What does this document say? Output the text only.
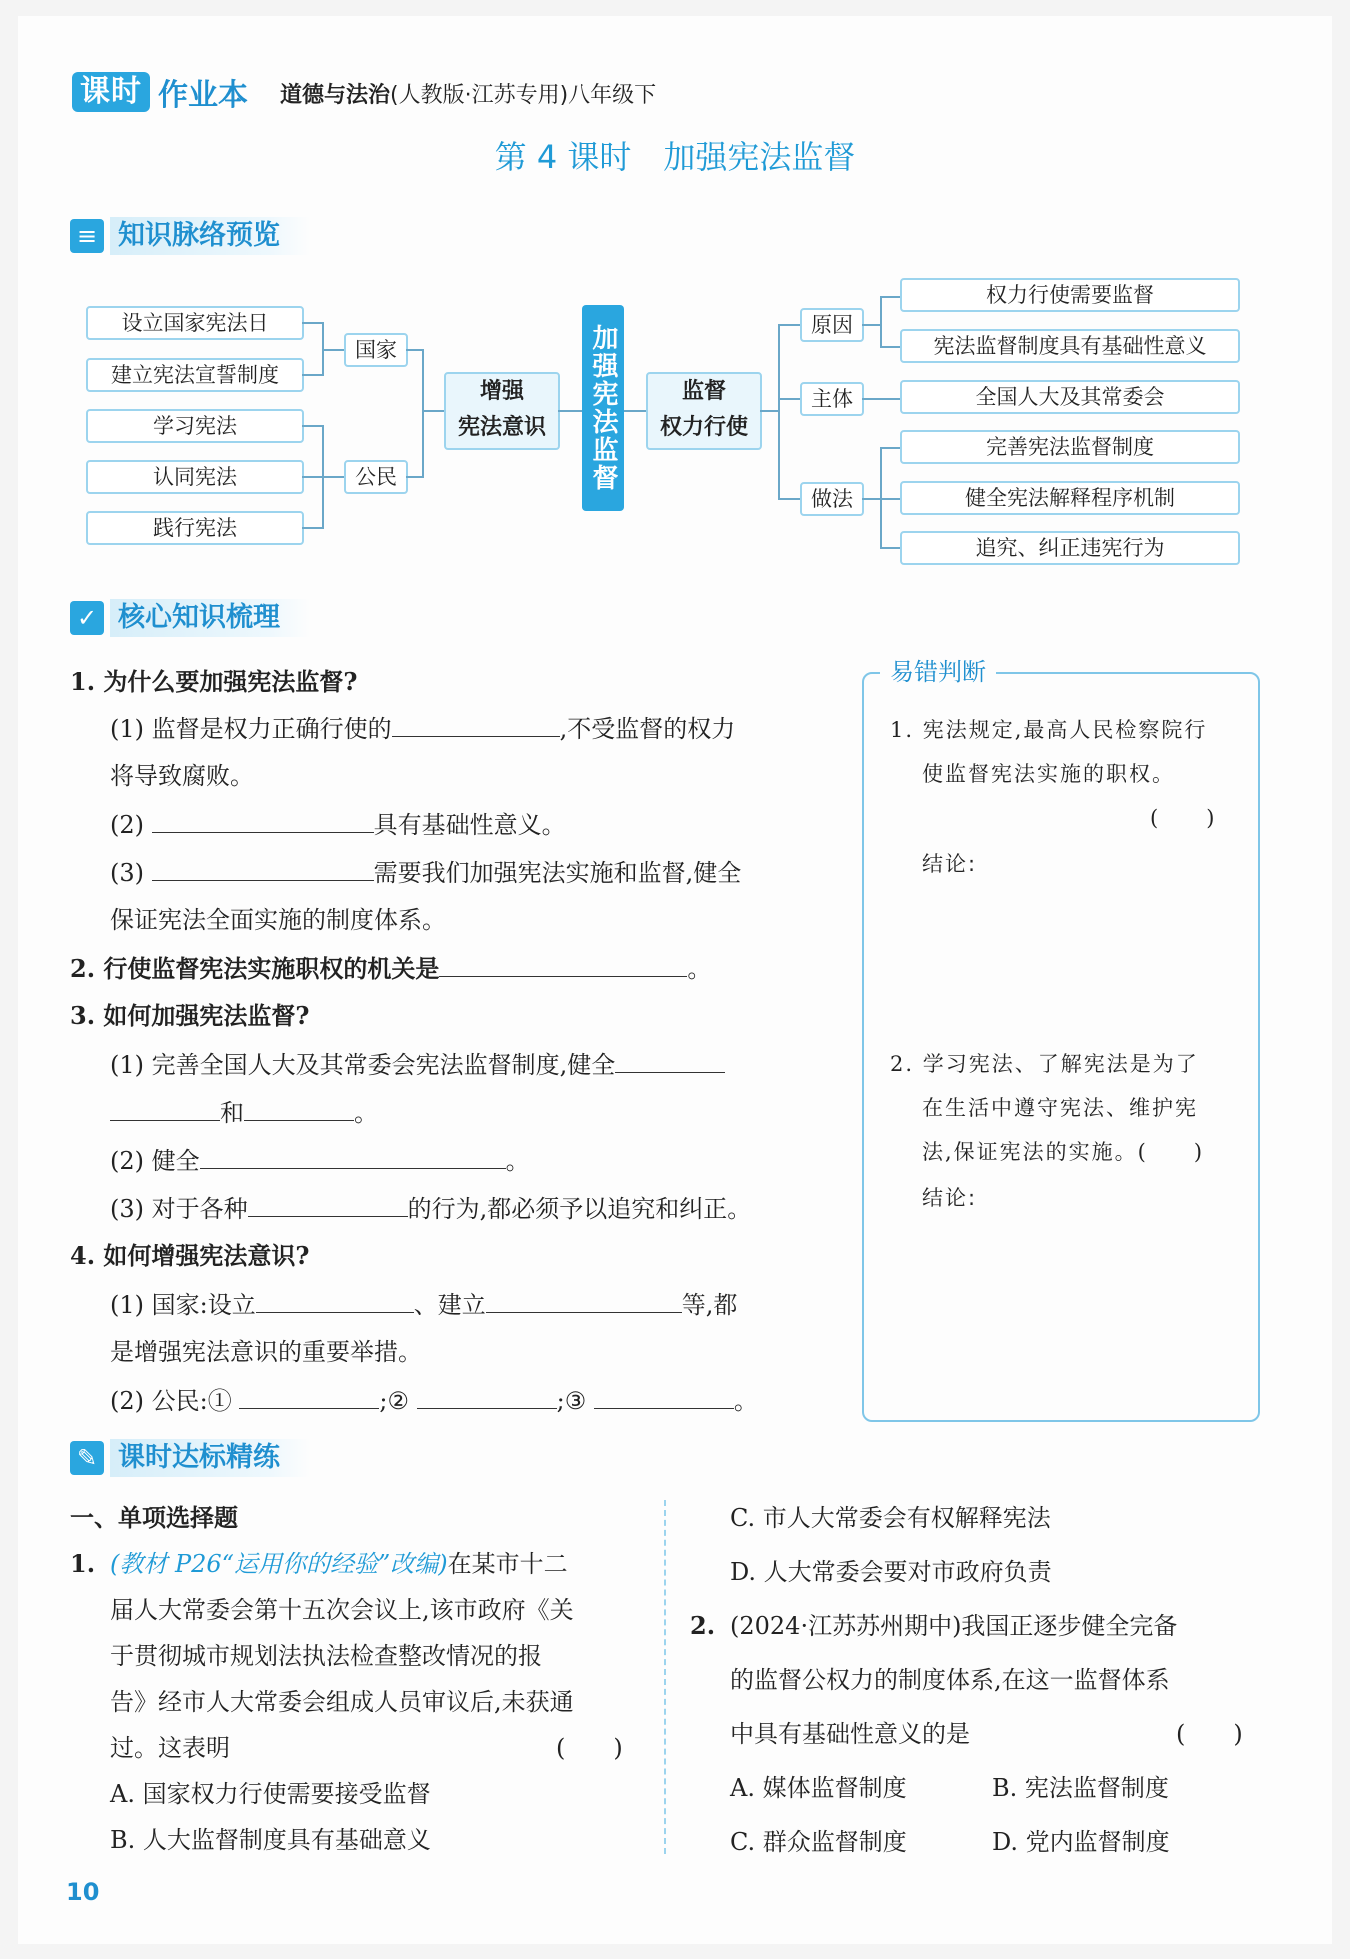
课时 作业本 道德与法治(人教版·江苏专用)八年级下
第 4 课时　加强宪法监督
≡ 知识脉络预览
设立国家宪法日
建立宪法宣誓制度
学习宪法
认同宪法
践行宪法
国家
公民
增强
宪法意识	加强宪法监督	监督
权力行使
原因
主体
做法
权力行使需要监督
宪法监督制度具有基础性意义
全国人大及其常委会
完善宪法监督制度
健全宪法解释程序机制
追究、纠正违宪行为
✓ 核心知识梳理
1. 为什么要加强宪法监督?
(1) 监督是权力正确行使的	,不受监督的权力
将导致腐败。
(2)	具有基础性意义。
(3)	需要我们加强宪法实施和监督,健全
保证宪法全面实施的制度体系。
2. 行使监督宪法实施职权的机关是	。
3. 如何加强宪法监督?
(1) 完善全国人大及其常委会宪法监督制度,健全
和	。
(2) 健全	。
(3) 对于各种	的行为,都必须予以追究和纠正。
4. 如何增强宪法意识?
(1) 国家:设立	、建立	等,都
是增强宪法意识的重要举措。
(2) 公民:①	;②	;③	。
易错判断
1. 宪法规定,最高人民检察院行
使监督宪法实施的职权。
(　　)
结论:
2. 学习宪法、了解宪法是为了
在生活中遵守宪法、维护宪
法,保证宪法的实施。(　　)
结论:
✎ 课时达标精练
一、单项选择题
1. (教材 P26“运用你的经验”改编)在某市十二
届人大常委会第十五次会议上,该市政府《关
于贯彻城市规划法执法检查整改情况的报
告》经市人大常委会组成人员审议后,未获通
过。这表明	(　　)
A. 国家权力行使需要接受监督
B. 人大监督制度具有基础意义
C. 市人大常委会有权解释宪法
D. 人大常委会要对市政府负责
2. (2024·江苏苏州期中)我国正逐步健全完备
的监督公权力的制度体系,在这一监督体系
中具有基础性意义的是	(　　)
A. 媒体监督制度	B. 宪法监督制度
C. 群众监督制度	D. 党内监督制度
10
